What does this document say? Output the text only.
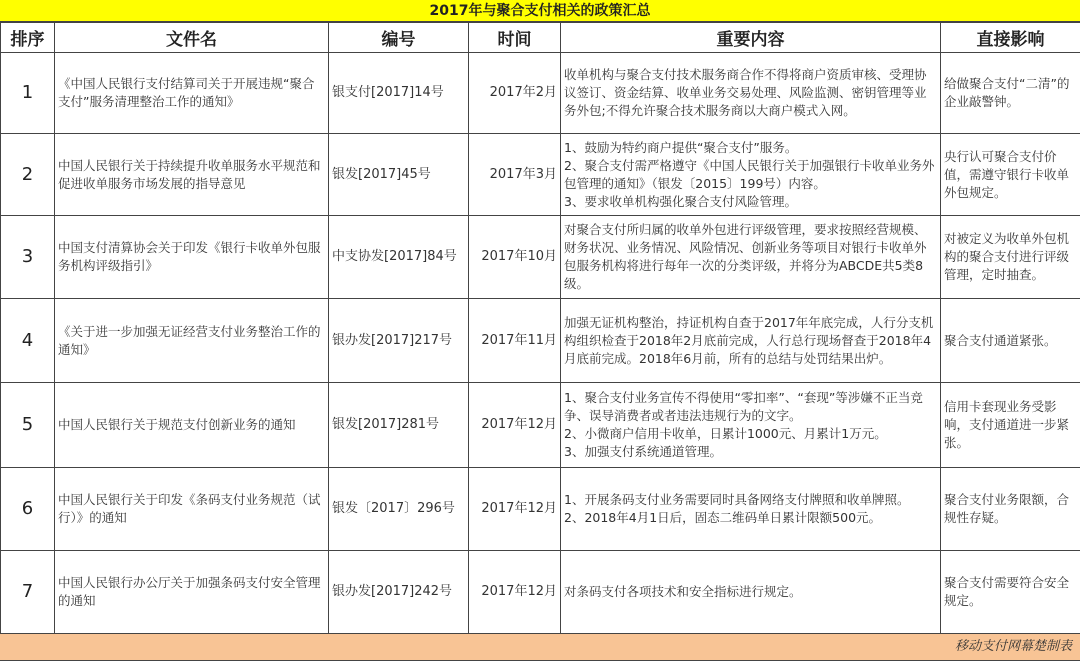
2017年与聚合支付相关的政策汇总
排序	文件名	编号	时间	重要内容	直接影响
1	《中国人民银行支付结算司关于开展违规“聚合支付”服务清理整治工作的通知》	银支付[2017]14号	2017年2月	收单机构与聚合支付技术服务商合作不得将商户资质审核、受理协议签订、资金结算、收单业务交易处理、风险监测、密钥管理等业务外包;不得允许聚合技术服务商以大商户模式入网。	给做聚合支付“二清”的企业敲警钟。
2	中国人民银行关于持续提升收单服务水平规范和促进收单服务市场发展的指导意见	银发[2017]45号	2017年3月	1、鼓励为特约商户提供“聚合支付”服务。
2、聚合支付需严格遵守《中国人民银行关于加强银行卡收单业务外包管理的通知》（银发〔2015〕199号）内容。
3、要求收单机构强化聚合支付风险管理。	央行认可聚合支付价值，需遵守银行卡收单外包规定。
3	中国支付清算协会关于印发《银行卡收单外包服务机构评级指引》	中支协发[2017]84号	2017年10月	对聚合支付所归属的收单外包进行评级管理，要求按照经营规模、财务状况、业务情况、风险情况、创新业务等项目对银行卡收单外包服务机构将进行每年一次的分类评级，并将分为ABCDE共5类8级。	对被定义为收单外包机构的聚合支付进行评级管理，定时抽查。
4	《关于进一步加强无证经营支付业务整治工作的通知》	银办发[2017]217号	2017年11月	加强无证机构整治，持证机构自查于2017年年底完成，人行分支机构组织检查于2018年2月底前完成，人行总行现场督查于2018年4月底前完成。2018年6月前，所有的总结与处罚结果出炉。	聚合支付通道紧张。
5	中国人民银行关于规范支付创新业务的通知	银发[2017]281号	2017年12月	1、聚合支付业务宣传不得使用“零扣率”、“套现”等涉嫌不正当竞争、误导消费者或者违法违规行为的文字。
2、小微商户信用卡收单，日累计1000元、月累计1万元。
3、加强支付系统通道管理。	信用卡套现业务受影响，支付通道进一步紧张。
6	中国人民银行关于印发《条码支付业务规范（试行）》的通知	银发〔2017〕296号	2017年12月	1、开展条码支付业务需要同时具备网络支付牌照和收单牌照。
2、2018年4月1日后，固态二维码单日累计限额500元。	聚合支付业务限额，合规性存疑。
7	中国人民银行办公厅关于加强条码支付安全管理的通知	银办发[2017]242号	2017年12月	对条码支付各项技术和安全指标进行规定。	聚合支付需要符合安全规定。
移动支付网幕楚制表
